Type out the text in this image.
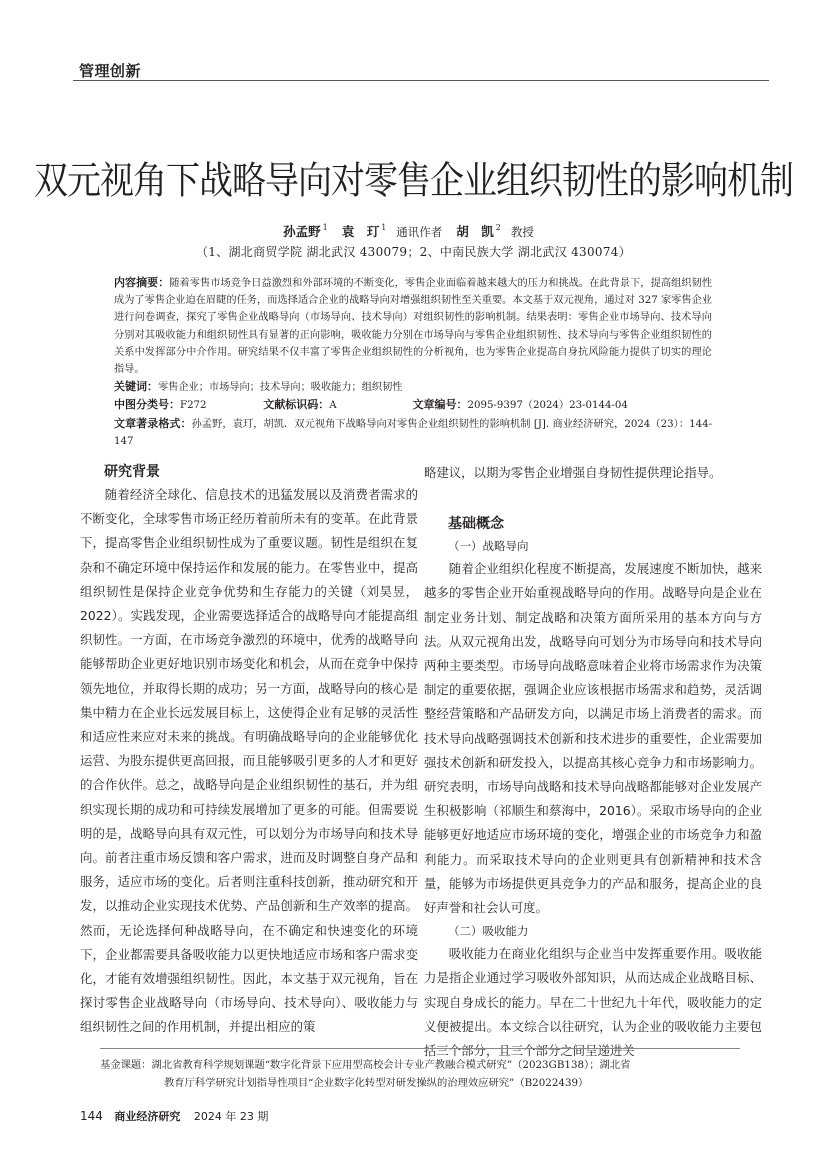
管理创新
双元视角下战略导向对零售企业组织韧性的影响机制
孙孟野 $^1$ 袁　玎 $^1$ 通讯作者 胡　凯 $^2$ 教授
（1、湖北商贸学院 湖北武汉 430079；2、中南民族大学 湖北武汉 430074）

内容摘要：随着零售市场竞争日益激烈和外部环境的不断变化，零售企业面临着越来越大的压力和挑战。在此背景下，提高组织韧性成为了零售企业迫在眉睫的任务，而选择适合企业的战略导向对增强组织韧性至关重要。本文基于双元视角，通过对 327 家零售企业进行问卷调查，探究了零售企业战略导向（市场导向、技术导向）对组织韧性的影响机制。结果表明：零售企业市场导向、技术导向分别对其吸收能力和组织韧性具有显著的正向影响，吸收能力分别在市场导向与零售企业组织韧性、技术导向与零售企业组织韧性的关系中发挥部分中介作用。研究结果不仅丰富了零售企业组织韧性的分析视角，也为零售企业提高自身抗风险能力提供了切实的理论指导。

关键词：零售企业；市场导向；技术导向；吸收能力；组织韧性

中图分类号：F272	文献标识码：A	文章编号：2095-9397（2024）23-0144-04

文章著录格式：孙孟野，袁玎，胡凯．双元视角下战略导向对零售企业组织韧性的影响机制 [J]. 商业经济研究，2024（23）：144-147

研究背景

随着经济全球化、信息技术的迅猛发展以及消费者需求的不断变化，全球零售市场正经历着前所未有的变革。在此背景下，提高零售企业组织韧性成为了重要议题。韧性是组织在复杂和不确定环境中保持运作和发展的能力。在零售业中，提高组织韧性是保持企业竞争优势和生存能力的关键（刘昊昱，2022）。实践发现，企业需要选择适合的战略导向才能提高组织韧性。一方面，在市场竞争激烈的环境中，优秀的战略导向能够帮助企业更好地识别市场变化和机会，从而在竞争中保持领先地位，并取得长期的成功；另一方面，战略导向的核心是集中精力在企业长远发展目标上，这使得企业有足够的灵活性和适应性来应对未来的挑战。有明确战略导向的企业能够优化运营、为股东提供更高回报，而且能够吸引更多的人才和更好的合作伙伴。总之，战略导向是企业组织韧性的基石，并为组织实现长期的成功和可持续发展增加了更多的可能。但需要说明的是，战略导向具有双元性，可以划分为市场导向和技术导向。前者注重市场反馈和客户需求，进而及时调整自身产品和服务，适应市场的变化。后者则注重科技创新，推动研究和开发，以推动企业实现技术优势、产品创新和生产效率的提高。然而，无论选择何种战略导向，在不确定和快速变化的环境下，企业都需要具备吸收能力以更快地适应市场和客户需求变化，才能有效增强组织韧性。因此，本文基于双元视角，旨在探讨零售企业战略导向（市场导向、技术导向）、吸收能力与组织韧性之间的作用机制，并提出相应的策

略建议，以期为零售企业增强自身韧性提供理论指导。

基础概念
（一）战略导向

随着企业组织化程度不断提高，发展速度不断加快，越来越多的零售企业开始重视战略导向的作用。战略导向是企业在制定业务计划、制定战略和决策方面所采用的基本方向与方法。从双元视角出发，战略导向可划分为市场导向和技术导向两种主要类型。市场导向战略意味着企业将市场需求作为决策制定的重要依据，强调企业应该根据市场需求和趋势，灵活调整经营策略和产品研发方向，以满足市场上消费者的需求。而技术导向战略强调技术创新和技术进步的重要性，企业需要加强技术创新和研发投入，以提高其核心竞争力和市场影响力。研究表明，市场导向战略和技术导向战略都能够对企业发展产生积极影响（祁顺生和蔡海中，2016）。采取市场导向的企业能够更好地适应市场环境的变化，增强企业的市场竞争力和盈利能力。而采取技术导向的企业则更具有创新精神和技术含量，能够为市场提供更具竞争力的产品和服务，提高企业的良好声誉和社会认可度。

（二）吸收能力

吸收能力在商业化组织与企业当中发挥重要作用。吸收能力是指企业通过学习吸收外部知识，从而达成企业战略目标、实现自身成长的能力。早在二十世纪九十年代，吸收能力的定义便被提出。本文综合以往研究，认为企业的吸收能力主要包括三个部分，且三个部分之间呈递进关

基金课题：湖北省教育科学规划课题“数字化背景下应用型高校会计专业产教融合模式研究”（2023GB138）；湖北省
教育厅科学研究计划指导性项目“企业数字化转型对研发操纵的治理效应研究”（B2022439）
144 商业经济研究 2024 年 23 期
